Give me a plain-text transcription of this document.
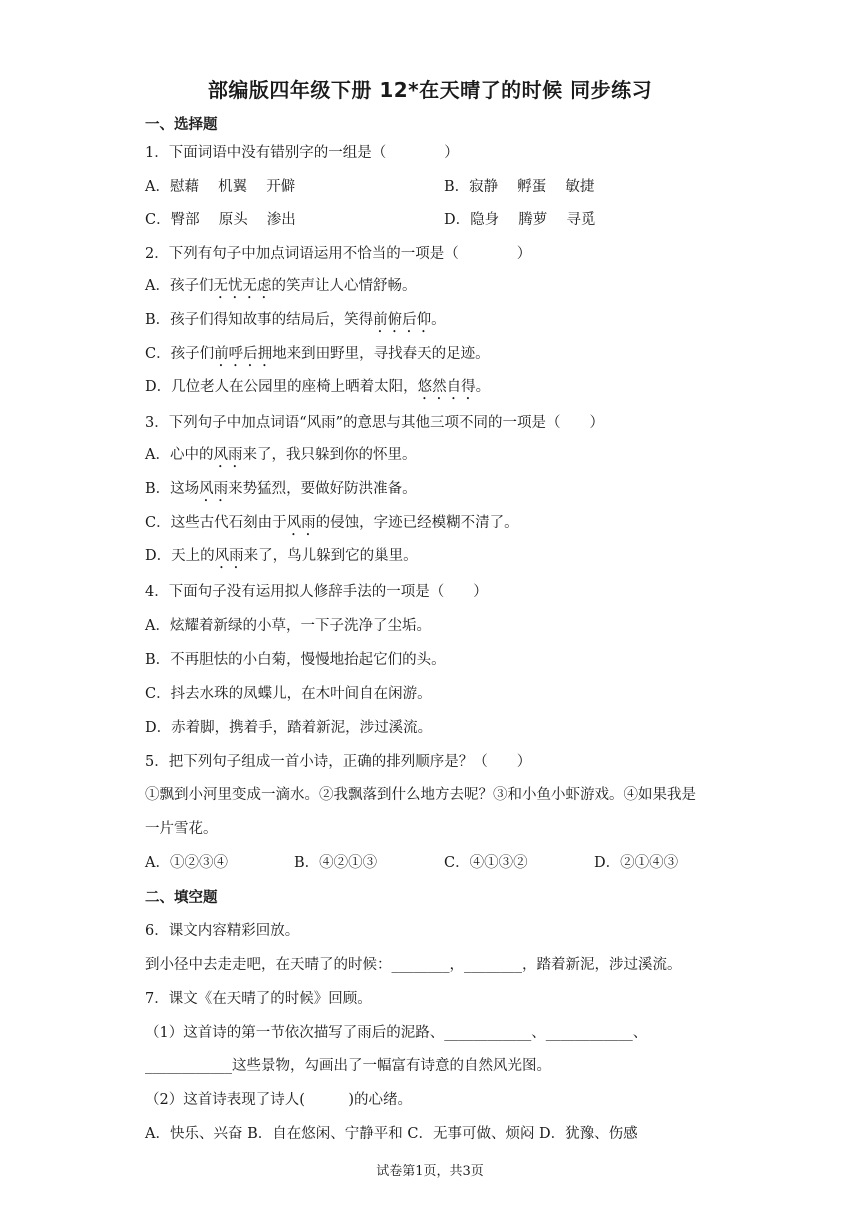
部编版四年级下册 12*在天晴了的时候 同步练习
一、选择题
1．下面词语中没有错别字的一组是（　　　　）
A．慰藉　 机翼　 开僻	B．寂静　 孵蛋　 敏捷
C．臀部　 原头　 渗出	D．隐身　 腾萝　 寻觅
2．下列有句子中加点词语运用不恰当的一项是（　　　　）
A．孩子们无忧无虑的笑声让人心情舒畅。
B．孩子们得知故事的结局后，笑得前俯后仰。
C．孩子们前呼后拥地来到田野里，寻找春天的足迹。
D．几位老人在公园里的座椅上晒着太阳，悠然自得。
3．下列句子中加点词语“风雨”的意思与其他三项不同的一项是（　　）
A．心中的风雨来了，我只躲到你的怀里。
B．这场风雨来势猛烈，要做好防洪准备。
C．这些古代石刻由于风雨的侵蚀，字迹已经模糊不清了。
D．天上的风雨来了，鸟儿躲到它的巢里。
4．下面句子没有运用拟人修辞手法的一项是（　　）
A．炫耀着新绿的小草，一下子洗净了尘垢。
B．不再胆怯的小白菊，慢慢地抬起它们的头。
C．抖去水珠的凤蝶儿，在木叶间自在闲游。
D．赤着脚，携着手，踏着新泥，涉过溪流。
5．把下列句子组成一首小诗，正确的排列顺序是？（　　）
①飘到小河里变成一滴水。②我飘落到什么地方去呢？③和小鱼小虾游戏。④如果我是
一片雪花。
A．①②③④	B．④②①③	C．④①③②	D．②①④③
二、填空题
6．课文内容精彩回放。
到小径中去走走吧，在天晴了的时候：________，________，踏着新泥，涉过溪流。
7．课文《在天晴了的时候》回顾。
（1）这首诗的第一节依次描写了雨后的泥路、____________、____________、
____________这些景物，勾画出了一幅富有诗意的自然风光图。
（2）这首诗表现了诗人(　　　)的心绪。
A．快乐、兴奋 B．自在悠闲、宁静平和 C．无事可做、烦闷 D．犹豫、伤感
试卷第1页，共3页
